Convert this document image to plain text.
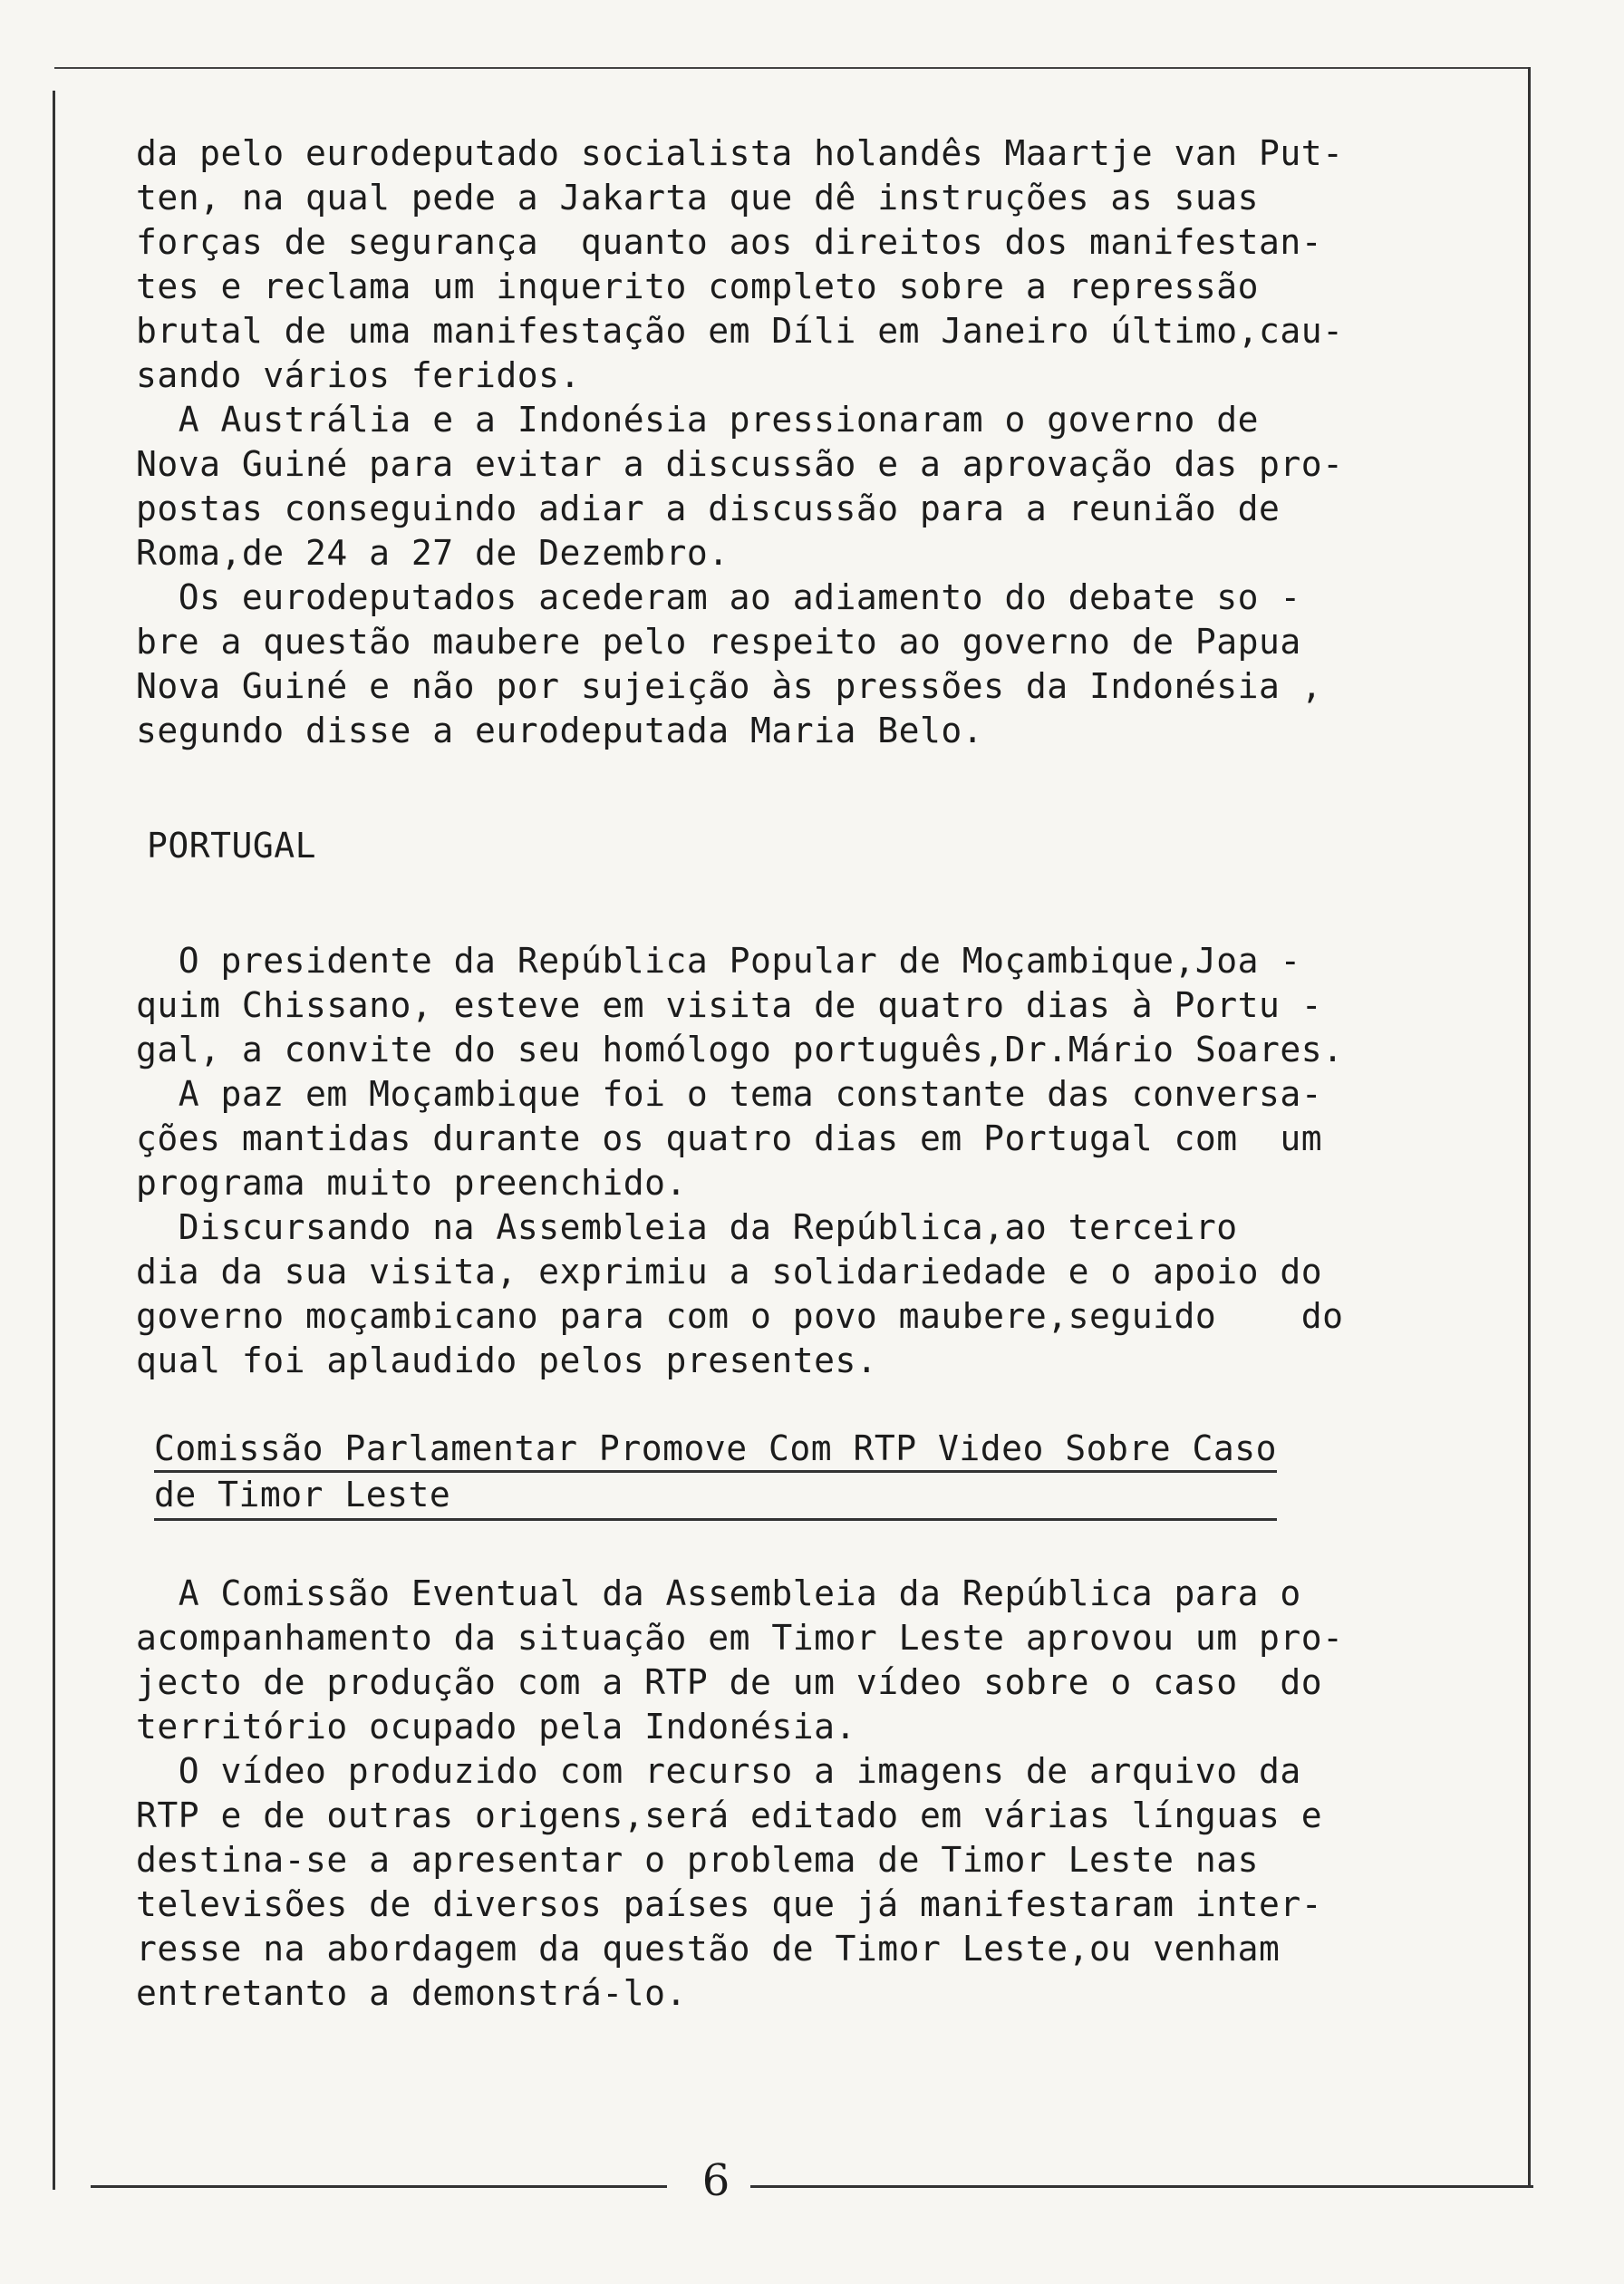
da pelo eurodeputado socialista holandês Maartje van Put-
ten, na qual pede a Jakarta que dê instruções as suas
forças de segurança  quanto aos direitos dos manifestan-
tes e reclama um inquerito completo sobre a repressão
brutal de uma manifestação em Díli em Janeiro último,cau-
sando vários feridos.

A Austrália e a Indonésia pressionaram o governo de
Nova Guiné para evitar a discussão e a aprovação das pro-
postas conseguindo adiar a discussão para a reunião de
Roma,de 24 a 27 de Dezembro.

Os eurodeputados acederam ao adiamento do debate so -
bre a questão maubere pelo respeito ao governo de Papua
Nova Guiné e não por sujeição às pressões da Indonésia ,
segundo disse a eurodeputada Maria Belo.

PORTUGAL

O presidente da República Popular de Moçambique,Joa -
quim Chissano, esteve em visita de quatro dias à Portu -
gal, a convite do seu homólogo português,Dr.Mário Soares.

A paz em Moçambique foi o tema constante das conversa-
ções mantidas durante os quatro dias em Portugal com  um
programa muito preenchido.

Discursando na Assembleia da República,ao terceiro
dia da sua visita, exprimiu a solidariedade e o apoio do
governo moçambicano para com o povo maubere,seguido    do
qual foi aplaudido pelos presentes.

Comissão Parlamentar Promove Com RTP Video Sobre Caso
de Timor Leste

A Comissão Eventual da Assembleia da República para o
acompanhamento da situação em Timor Leste aprovou um pro-
jecto de produção com a RTP de um vídeo sobre o caso  do
território ocupado pela Indonésia.

O vídeo produzido com recurso a imagens de arquivo da
RTP e de outras origens,será editado em várias línguas e
destina-se a apresentar o problema de Timor Leste nas
televisões de diversos países que já manifestaram inter-
resse na abordagem da questão de Timor Leste,ou venham
entretanto a demonstrá-lo.

6
